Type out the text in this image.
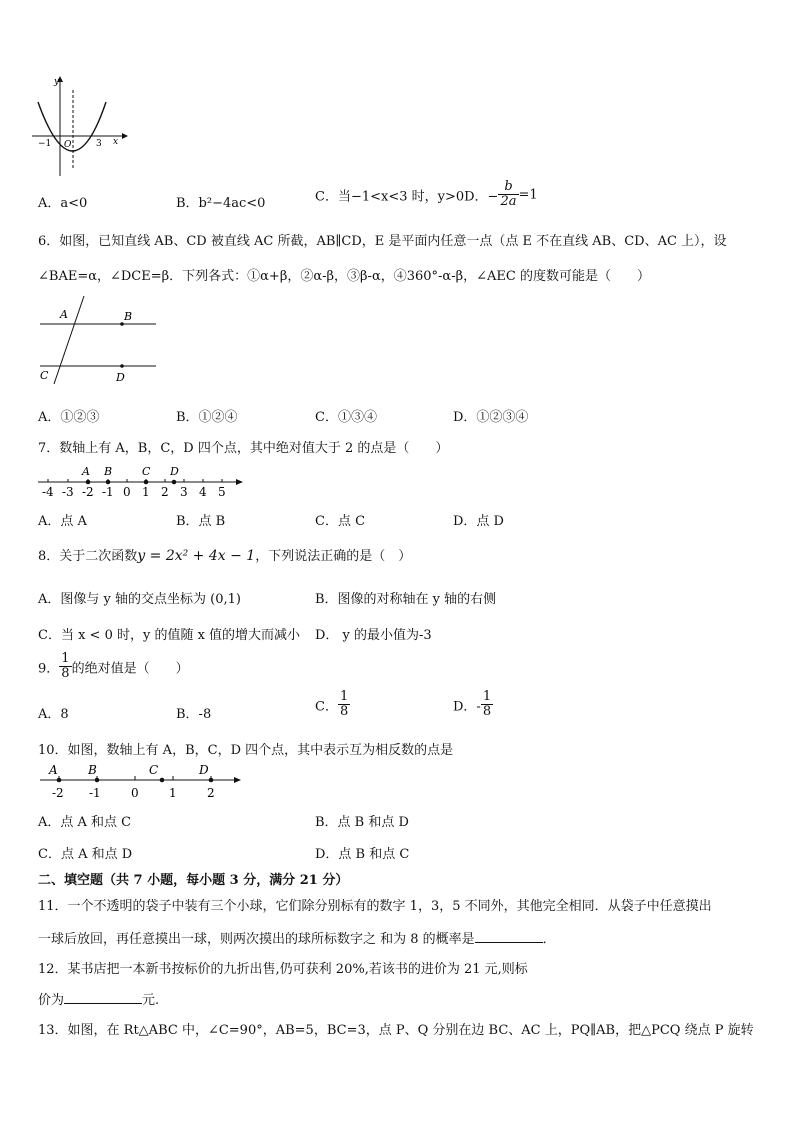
y
x
O
−1	3
A．a<0	B．b²−4ac<0	C．当−1<x<3 时，y>0D．− $\frac{b}{2a} =1$
6．如图，已知直线 AB、CD 被直线 AC 所截，AB∥CD，E 是平面内任意一点（点 E 不在直线 AB、CD、AC 上），设
∠BAE=α，∠DCE=β．下列各式：①α+β，②α-β，③β-α，④360°-α-β，∠AEC 的度数可能是（　　）
A	B
C	D
A．①②③	B．①②④	C．①③④	D．①②③④
7．数轴上有 A，B，C，D 四个点，其中绝对值大于 2 的点是（　　）
A B	C D
-4 -3 -2 -1 0 1 2 3 4 5
A．点 A	B．点 B	C．点 C	D．点 D
8．关于二次函数y = 2x² + 4x − 1，下列说法正确的是（　）
A．图像与 y 轴的交点坐标为 (0,1)	B．图像的对称轴在 y 轴的右侧
C．当 x < 0 时，y 的值随 x 值的增大而减小 D． y 的最小值为-3
9． $\frac{1}{8}$ 的绝对值是（　　）
A．8	B．-8
C． $\frac{1}{8}$	D．- $\frac{1}{8}$
10．如图，数轴上有 A，B，C，D 四个点，其中表示互为相反数的点是
A	B	C	D
-2 -1	0	1	2
A．点 A 和点 C	B．点 B 和点 D
C．点 A 和点 D	D．点 B 和点 C
二、填空题（共 7 小题，每小题 3 分，满分 21 分）
11．一个不透明的袋子中装有三个小球，它们除分别标有的数字 1，3，5 不同外，其他完全相同．从袋子中任意摸出
一球后放回，再任意摸出一球，则两次摸出的球所标数字之 和为 8 的概率是	．
12．某书店把一本新书按标价的九折出售,仍可获利 20%,若该书的进价为 21 元,则标
价为	元.
13．如图，在 Rt△ABC 中，∠C=90°，AB=5，BC=3，点 P、Q 分别在边 BC、AC 上，PQ∥AB，把△PCQ 绕点 P 旋转
